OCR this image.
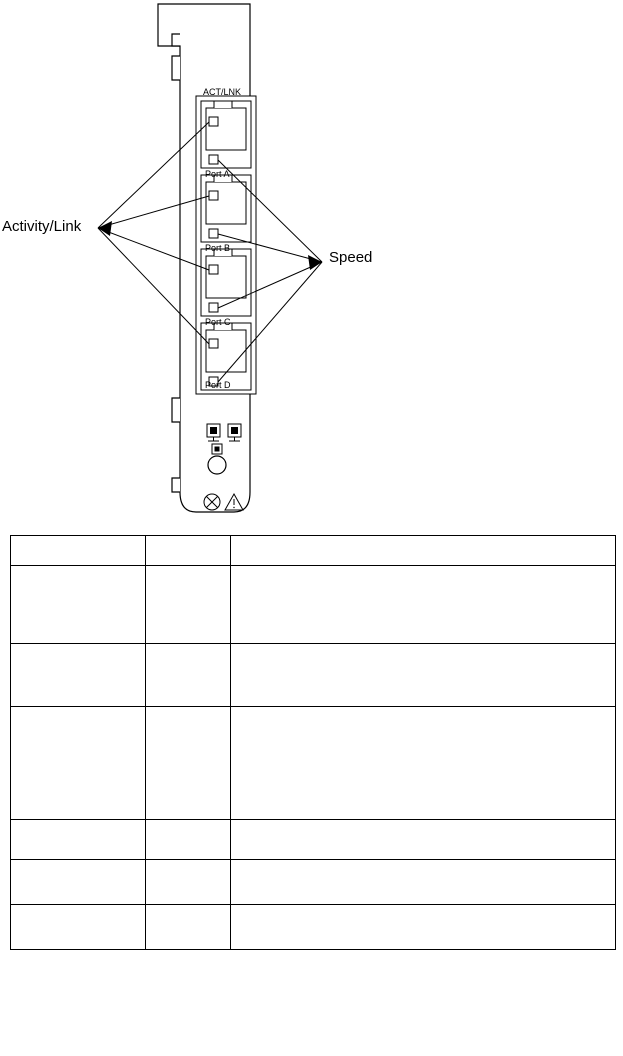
ACT/LNK
Port A
Port B
Port C
Port D
Activity/Link
Speed
